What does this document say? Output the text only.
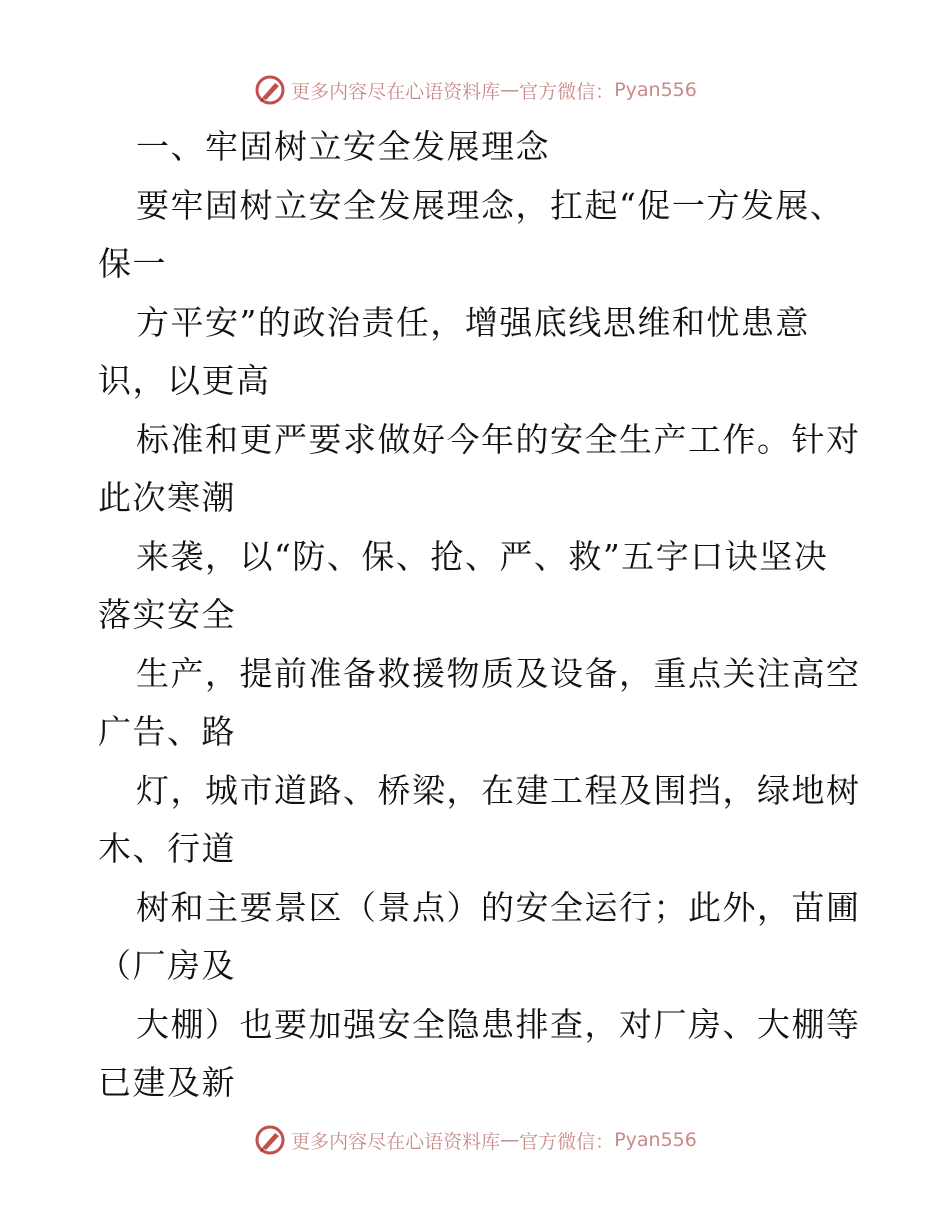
更多内容尽在心语资料库 — 官方微信： Pyan556
一、牢固树立安全发展理念
要牢固树立安全发展理念，扛起“促一方发展、
保一
方平安”的政治责任，增强底线思维和忧患意
识，以更高
标准和更严要求做好今年的安全生产工作。针对
此次寒潮
来袭，以“防、保、抢、严、救”五字口诀坚决
落实安全
生产，提前准备救援物质及设备，重点关注高空
广告、路
灯，城市道路、桥梁，在建工程及围挡，绿地树
木、行道
树和主要景区（景点）的安全运行；此外，苗圃
（厂房及
大棚）也要加强安全隐患排查，对厂房、大棚等
已建及新
更多内容尽在心语资料库 — 官方微信： Pyan556
